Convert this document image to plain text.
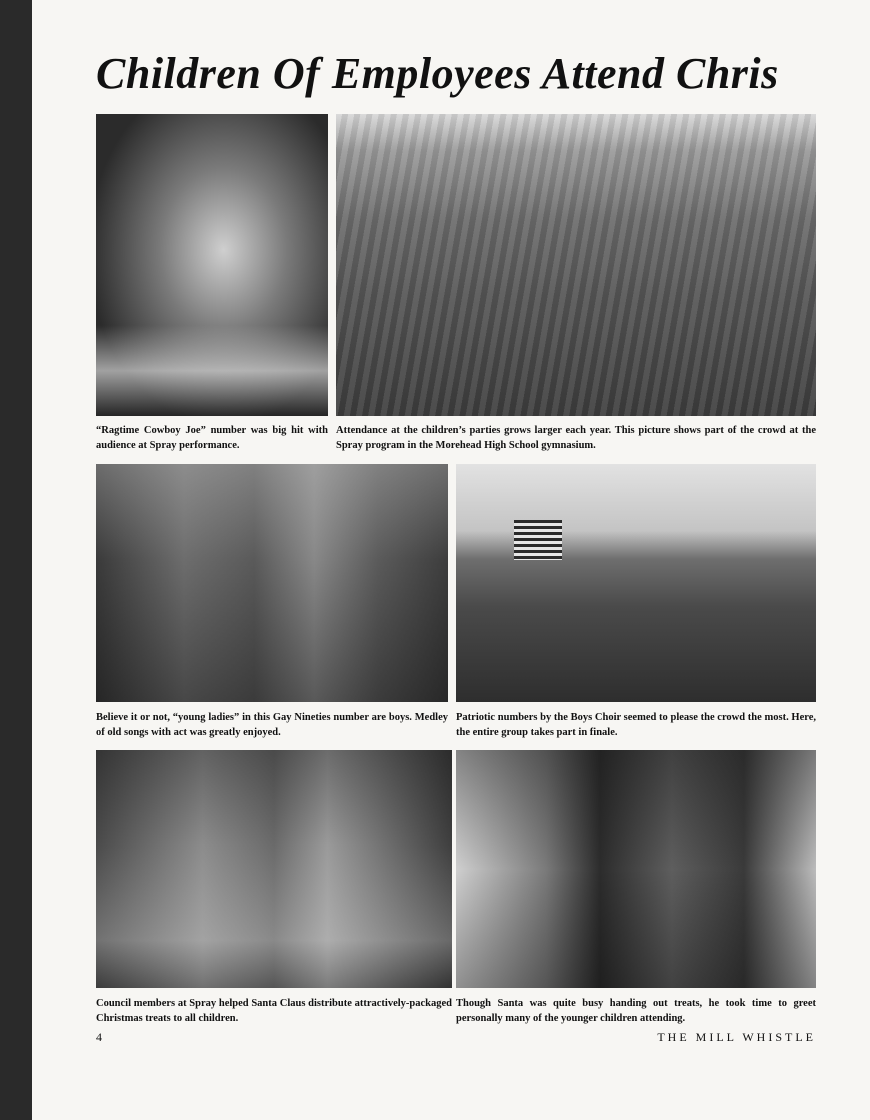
Children Of Employees Attend Chris
“Ragtime Cowboy Joe” number was big hit with audience at Spray performance.
Attendance at the children’s parties grows larger each year. This picture shows part of the crowd at the Spray program in the Morehead High School gymnasium.
Believe it or not, “young ladies” in this Gay Nineties number are boys. Medley of old songs with act was greatly enjoyed.
Patriotic numbers by the Boys Choir seemed to please the crowd the most. Here, the entire group takes part in finale.
Council members at Spray helped Santa Claus distribute attractively-packaged Christmas treats to all children.
Though Santa was quite busy handing out treats, he took time to greet personally many of the younger children attending.
4	THE MILL WHISTLE
